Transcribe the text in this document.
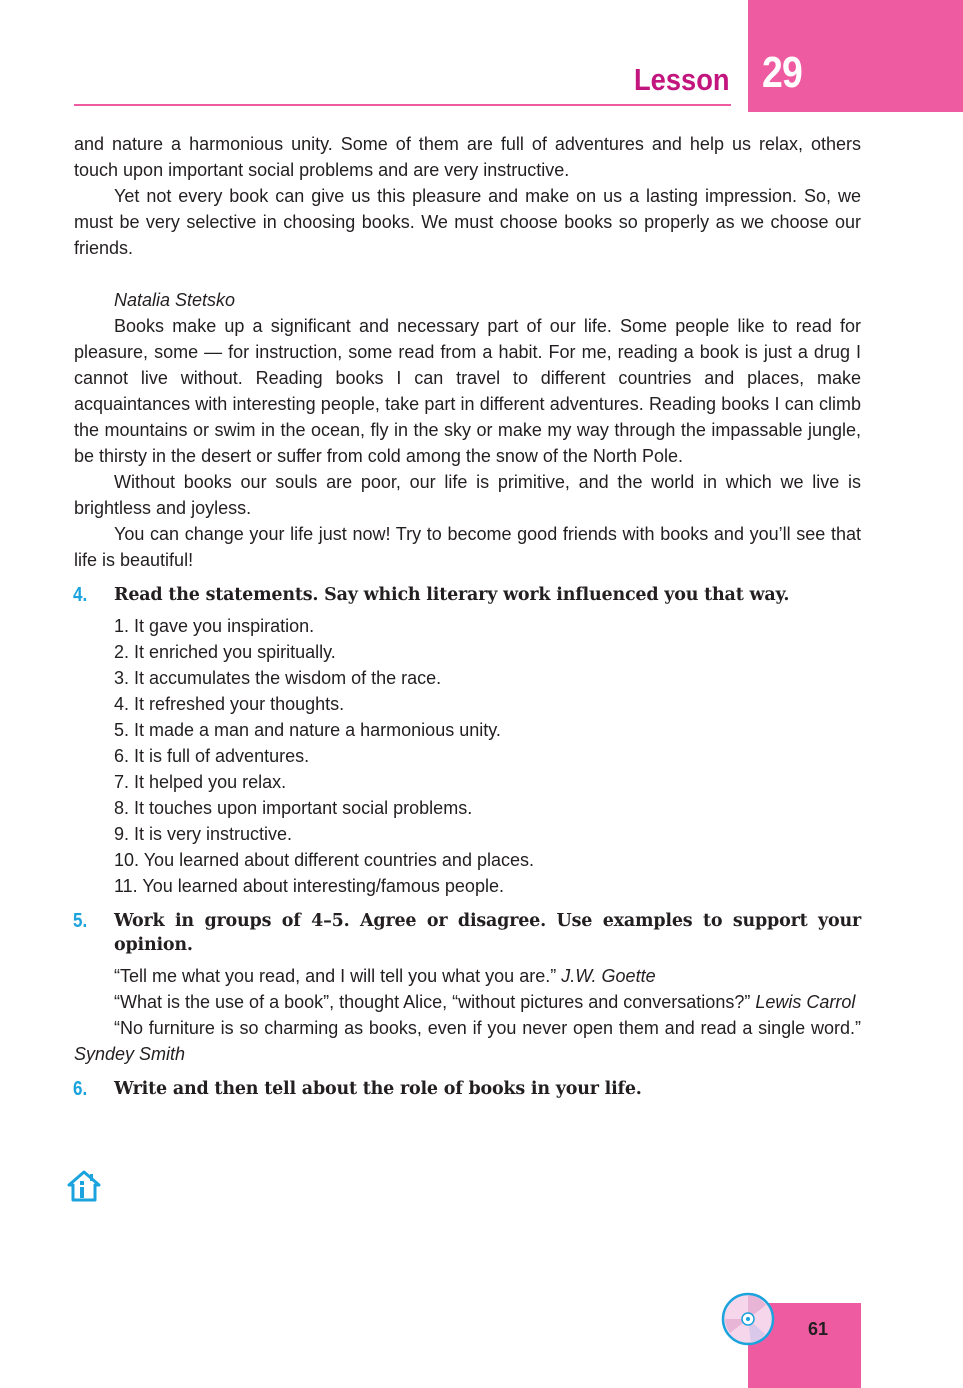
29
Lesson

and nature a harmonious unity. Some of them are full of adventures and help us relax, others touch upon important social problems and are very instructive.

Yet not every book can give us this pleasure and make on us a lasting impression. So, we must be very selective in choosing books. We must choose books so properly as we choose our friends.

Natalia Stetsko

Books make up a significant and necessary part of our life. Some people like to read for pleasure, some — for instruction, some read from a habit. For me, reading a book is just a drug I cannot live without. Reading books I can travel to different countries and places, make acquaintances with interesting people, take part in different adventures. Reading books I can climb the mountains or swim in the ocean, fly in the sky or make my way through the impassable jungle, be thirsty in the desert or suffer from cold among the snow of the North Pole.

Without books our souls are poor, our life is primitive, and the world in which we live is brightless and joyless.

You can change your life just now! Try to become good friends with books and you’ll see that life is beautiful!

4. Read the statements. Say which literary work influenced you that way.
1. It gave you inspiration.
2. It enriched you spiritually.
3. It accumulates the wisdom of the race.
4. It refreshed your thoughts.
5. It made a man and nature a harmonious unity.
6. It is full of adventures.
7. It helped you relax.
8. It touches upon important social problems.
9. It is very instructive.
10. You learned about different countries and places.
11. You learned about interesting/famous people.
5. Work in groups of 4–5. Agree or disagree. Use examples to support your opinion.

“Tell me what you read, and I will tell you what you are.” J.W. Goette

“What is the use of a book”, thought Alice, “without pictures and conversations?” Lewis Carrol

“No furniture is so charming as books, even if you never open them and read a single word.” Syndey Smith

6. Write and then tell about the role of books in your life.
61
